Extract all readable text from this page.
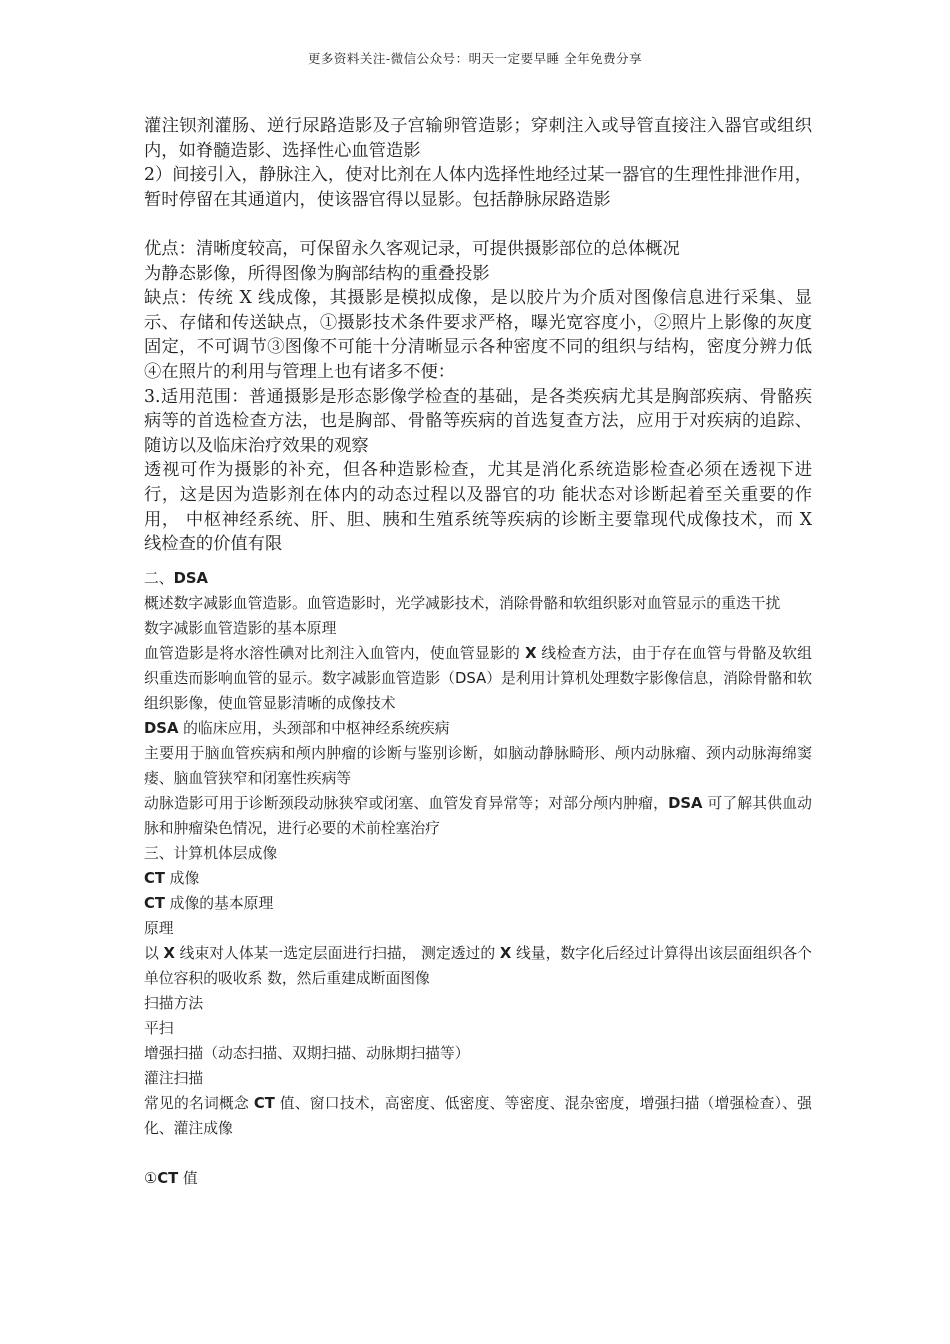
更多资料关注-微信公众号：明天一定要早睡 全年免费分享

灌注钡剂灌肠、逆行尿路造影及子宫输卵管造影；穿刺注入或导管直接注入器官或组织内，如脊髓造影、选择性心血管造影

2）间接引入，静脉注入，使对比剂在人体内选择性地经过某一器官的生理性排泄作用，暂时停留在其通道内，使该器官得以显影。包括静脉尿路造影

优点：清晰度较高，可保留永久客观记录，可提供摄影部位的总体概况

为静态影像，所得图像为胸部结构的重叠投影

缺点：传统 X 线成像，其摄影是模拟成像，是以胶片为介质对图像信息进行采集、显示、存储和传送缺点，①摄影技术条件要求严格，曝光宽容度小，②照片上影像的灰度固定，不可调节③图像不可能十分清晰显示各种密度不同的组织与结构，密度分辨力低④在照片的利用与管理上也有诸多不便：

3.适用范围：普通摄影是形态影像学检查的基础，是各类疾病尤其是胸部疾病、骨骼疾病等的首选检查方法，也是胸部、骨骼等疾病的首选复查方法，应用于对疾病的追踪、随访以及临床治疗效果的观察

透视可作为摄影的补充，但各种造影检查，尤其是消化系统造影检查必须在透视下进行，这是因为造影剂在体内的动态过程以及器官的功 能状态对诊断起着至关重要的作用， 中枢神经系统、肝、胆、胰和生殖系统等疾病的诊断主要靠现代成像技术，而 X 线检查的价值有限

二、DSA

概述数字减影血管造影。血管造影时，光学减影技术，消除骨骼和软组织影对血管显示的重迭干扰

数字减影血管造影的基本原理

血管造影是将水溶性碘对比剂注入血管内，使血管显影的 X 线检查方法，由于存在血管与骨骼及软组织重迭而影响血管的显示。数字减影血管造影（DSA）是利用计算机处理数字影像信息，消除骨骼和软组织影像，使血管显影清晰的成像技术

DSA 的临床应用，头颈部和中枢神经系统疾病

主要用于脑血管疾病和颅内肿瘤的诊断与鉴别诊断，如脑动静脉畸形、颅内动脉瘤、颈内动脉海绵窦瘘、脑血管狭窄和闭塞性疾病等

动脉造影可用于诊断颈段动脉狭窄或闭塞、血管发育异常等；对部分颅内肿瘤，DSA 可了解其供血动脉和肿瘤染色情况，进行必要的术前栓塞治疗

三、计算机体层成像

CT 成像

CT 成像的基本原理

原理

以 X 线束对人体某一选定层面进行扫描， 测定透过的 X 线量，数字化后经过计算得出该层面组织各个单位容积的吸收系 数，然后重建成断面图像

扫描方法

平扫

增强扫描（动态扫描、双期扫描、动脉期扫描等）

灌注扫描

常见的名词概念 CT 值、窗口技术，高密度、低密度、等密度、混杂密度，增强扫描（增强检查）、强化、灌注成像

①CT 值
